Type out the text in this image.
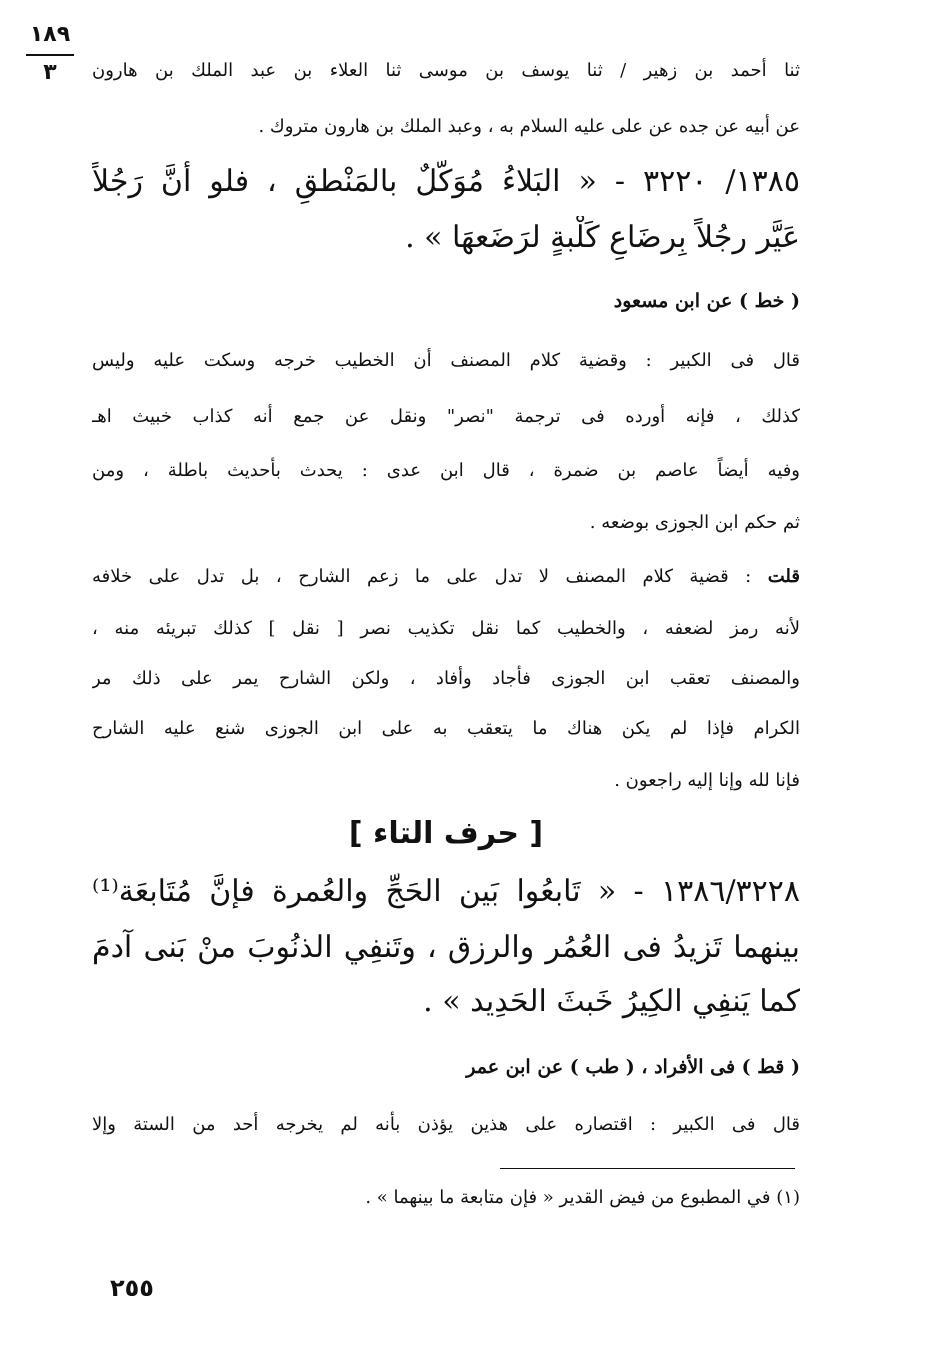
١٨٩
٣	ثنا أحمد بن زهير / ثنا يوسف بن موسى ثنا العلاء بن عبد الملك بن هارون
عن أبيه عن جده عن على عليه السلام به ، وعبد الملك بن هارون متروك .
١٣٨٥/ ٣٢٢٠ - « البَلاءُ مُوَكَّلٌ بالمَنْطقِ ، فلو أنَّ رَجُلاً
عَيَّر رجُلاً بِرضَاعِ كَلْبةٍ لرَضَعهَا » .
( خط ) عن ابن مسعود
قال فى الكبير : وقضية كلام المصنف أن الخطيب خرجه وسكت عليه وليس
كذلك ، فإنه أورده فى ترجمة "نصر" ونقل عن جمع أنه كذاب خبيث اهـ
وفيه أيضاً عاصم بن ضمرة ، قال ابن عدى : يحدث بأحديث باطلة ، ومن
ثم حكم ابن الجوزى بوضعه .
قلت : قضية كلام المصنف لا تدل على ما زعم الشارح ، بل تدل على خلافه
لأنه رمز لضعفه ، والخطيب كما نقل تكذيب نصر [ نقل ] كذلك تبريئه منه ،
والمصنف تعقب ابن الجوزى فأجاد وأفاد ، ولكن الشارح يمر على ذلك مر
الكرام فإذا لم يكن هناك ما يتعقب به على ابن الجوزى شنع عليه الشارح
فإنا لله وإنا إليه راجعون .
[ حرف التاء ]
١٣٨٦/٣٢٢٨ - « تَابعُوا بَين الحَجِّ والعُمرة فإنَّ مُتَابعَة⁽¹⁾
بينهما تَزيدُ فى العُمُر والرزق ، وتَنفِي الذنُوبَ منْ بَنى آدمَ
كما يَنفِي الكِيرُ خَبثَ الحَدِيد » .
( قط ) فى الأفراد ، ( طب ) عن ابن عمر
قال فى الكبير : اقتصاره على هذين يؤذن بأنه لم يخرجه أحد من الستة وإلا
(١) في المطبوع من فيض القدير « فإن متابعة ما بينهما » .
٢٥٥
